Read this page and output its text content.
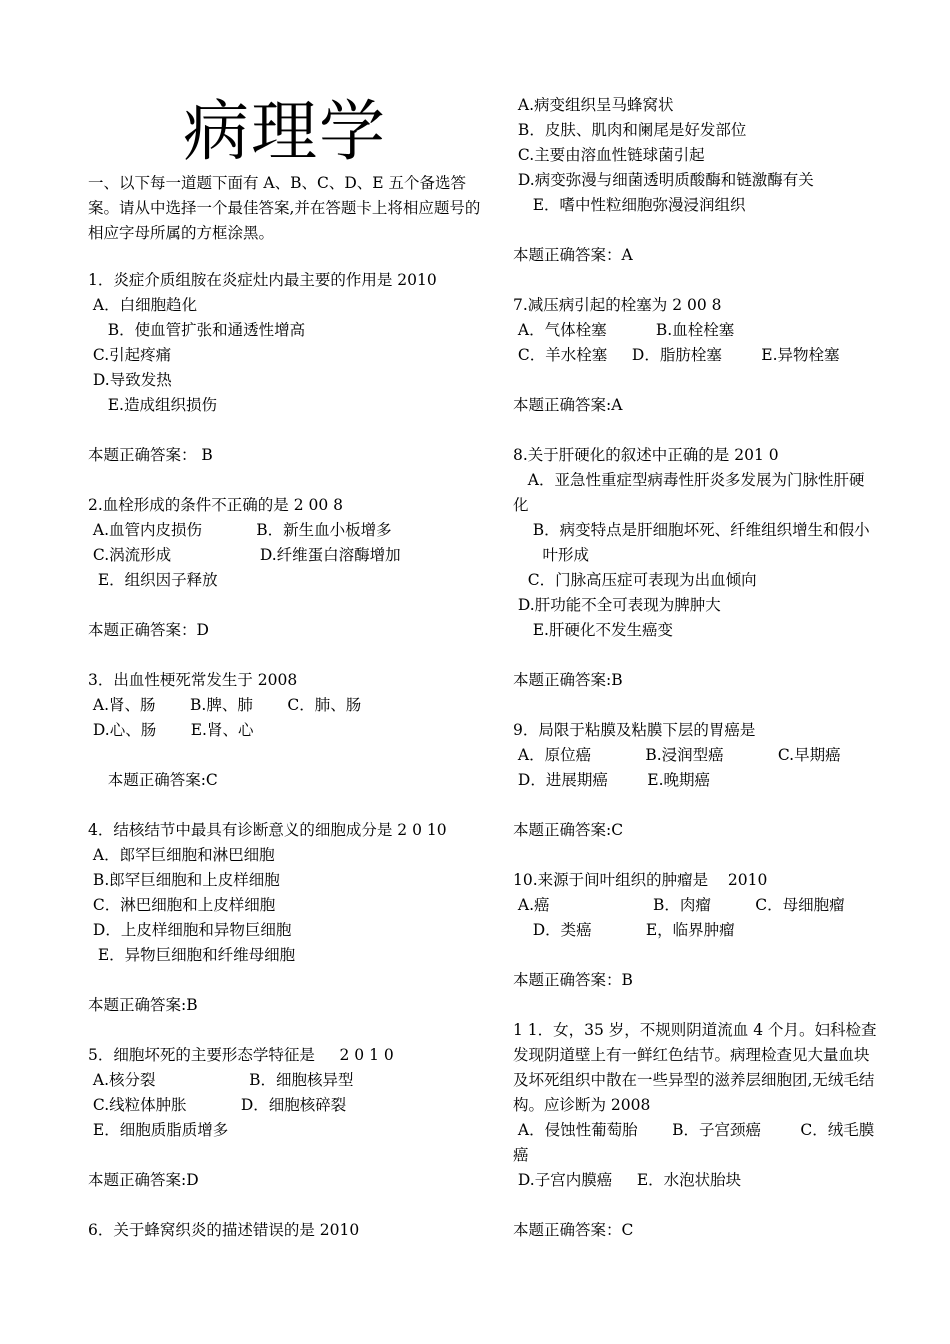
病理学
一、以下每一道题下面有 A、B、C、D、E 五个备选答案。请从中选择一个最佳答案,并在答题卡上将相应题号的相应字母所属的方框涂黑。
1．炎症介质组胺在炎症灶内最主要的作用是 2010
A．白细胞趋化
B．使血管扩张和通透性增高
C.引起疼痛
D.导致发热
E.造成组织损伤
本题正确答案： B
2.血栓形成的条件不正确的是 2 00 8
A.血管内皮损伤           B．新生血小板增多
C.涡流形成                  D.纤维蛋白溶酶增加
E．组织因子释放
本题正确答案：D
3．出血性梗死常发生于 2008
A.肾、肠       B.脾、肺       C．肺、肠
D.心、肠       E.肾、心
本题正确答案:C
4．结核结节中最具有诊断意义的细胞成分是 2 0 10
A．郎罕巨细胞和淋巴细胞
B.郎罕巨细胞和上皮样细胞
C．淋巴细胞和上皮样细胞
D．上皮样细胞和异物巨细胞
E．异物巨细胞和纤维母细胞
本题正确答案:B
5．细胞坏死的主要形态学特征是     2 0 1 0
A.核分裂                   B．细胞核异型
C.线粒体肿胀           D．细胞核碎裂
E．细胞质脂质增多
本题正确答案:D
6．关于蜂窝织炎的描述错误的是 2010
A.病变组织呈马蜂窝状
B．皮肤、肌肉和阑尾是好发部位
C.主要由溶血性链球菌引起
D.病变弥漫与细菌透明质酸酶和链激酶有关
E．嗜中性粒细胞弥漫浸润组织
本题正确答案：A
7.减压病引起的栓塞为 2 00 8
A．气体栓塞          B.血栓栓塞
C．羊水栓塞     D．脂肪栓塞        E.异物栓塞
本题正确答案:A
8.关于肝硬化的叙述中正确的是 201 0
A．亚急性重症型病毒性肝炎多发展为门脉性肝硬
化
B．病变特点是肝细胞坏死、纤维组织增生和假小
叶形成
C．门脉高压症可表现为出血倾向
D.肝功能不全可表现为脾肿大
E.肝硬化不发生癌变
本题正确答案:B
9．局限于粘膜及粘膜下层的胃癌是
A．原位癌           B.浸润型癌           C.早期癌
D．进展期癌        E.晚期癌
本题正确答案:C
10.来源于间叶组织的肿瘤是    2010
A.癌                     B．肉瘤         C．母细胞瘤
D．类癌           E，临界肿瘤
本题正确答案：B
1 1．女，35 岁，不规则阴道流血 4 个月。妇科检查
发现阴道壁上有一鲜红色结节。病理检查见大量血块
及坏死组织中散在一些异型的滋养层细胞团,无绒毛结
构。应诊断为 2008
A．侵蚀性葡萄胎       B．子宫颈癌        C．绒毛膜
癌
D.子宫内膜癌     E．水泡状胎块
本题正确答案：C
